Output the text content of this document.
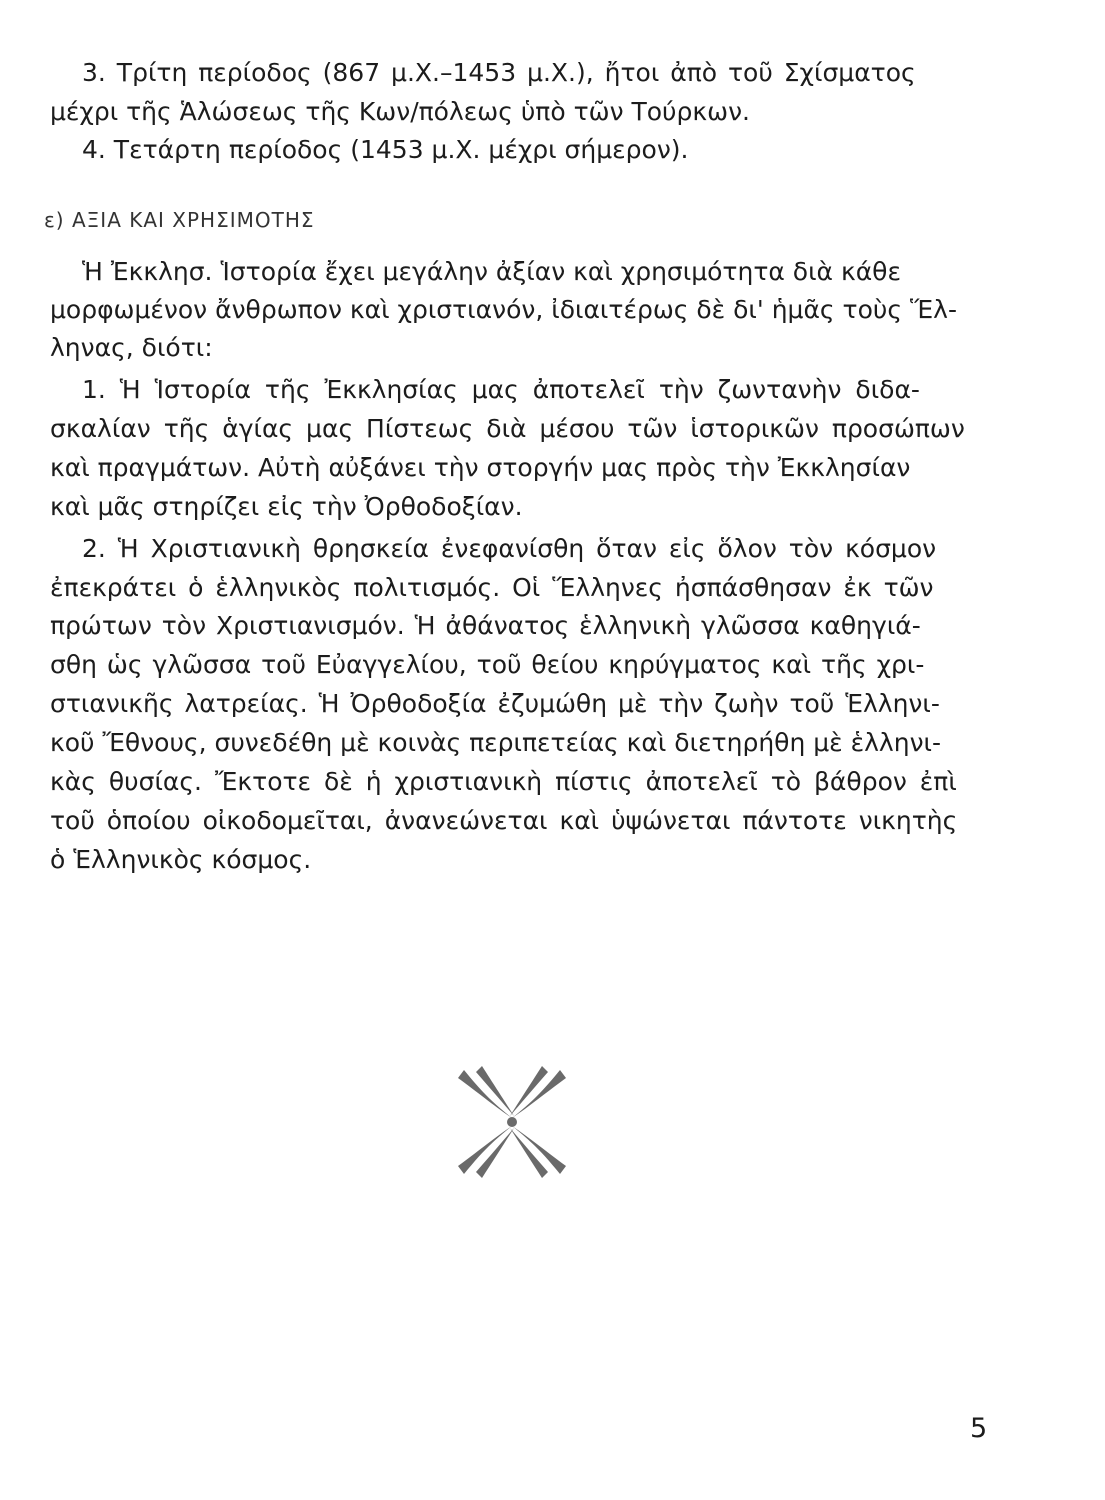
3. Τρίτη περίοδος (867 μ.Χ.–1453 μ.Χ.), ἤτοι ἀπὸ τοῦ Σχίσματος
μέχρι τῆς Ἁλώσεως τῆς Κων/πόλεως ὑπὸ τῶν Τούρκων.
4. Τετάρτη περίοδος (1453 μ.Χ. μέχρι σήμερον).
ε) ΑΞΙΑ ΚΑΙ ΧΡΗΣΙΜΟΤΗΣ
Ἡ Ἐκκλησ. Ἱστορία ἔχει μεγάλην ἀξίαν καὶ χρησιμότητα διὰ κάθε
μορφωμένον ἄνθρωπον καὶ χριστιανόν, ἰδιαιτέρως δὲ δι' ἡμᾶς τοὺς Ἕλ-
ληνας, διότι:
1. Ἡ Ἱστορία τῆς Ἐκκλησίας μας ἀποτελεῖ τὴν ζωντανὴν διδα-
σκαλίαν τῆς ἁγίας μας Πίστεως διὰ μέσου τῶν ἱστορικῶν προσώπων
καὶ πραγμάτων. Αὐτὴ αὐξάνει τὴν στοργήν μας πρὸς τὴν Ἐκκλησίαν
καὶ μᾶς στηρίζει εἰς τὴν Ὀρθοδοξίαν.
2. Ἡ Χριστιανικὴ θρησκεία ἐνεφανίσθη ὅταν εἰς ὅλον τὸν κόσμον
ἐπεκράτει ὁ ἑλληνικὸς πολιτισμός. Οἱ Ἕλληνες ἠσπάσθησαν ἐκ τῶν
πρώτων τὸν Χριστιανισμόν. Ἡ ἀθάνατος ἑλληνικὴ γλῶσσα καθηγιά-
σθη ὡς γλῶσσα τοῦ Εὐαγγελίου, τοῦ θείου κηρύγματος καὶ τῆς χρι-
στιανικῆς λατρείας. Ἡ Ὀρθοδοξία ἐζυμώθη μὲ τὴν ζωὴν τοῦ Ἑλληνι-
κοῦ Ἔθνους, συνεδέθη μὲ κοινὰς περιπετείας καὶ διετηρήθη μὲ ἑλληνι-
κὰς θυσίας. Ἔκτοτε δὲ ἡ χριστιανικὴ πίστις ἀποτελεῖ τὸ βάθρον ἐπὶ
τοῦ ὁποίου οἰκοδομεῖται, ἀνανεώνεται καὶ ὑψώνεται πάντοτε νικητὴς
ὁ Ἑλληνικὸς κόσμος.
5
